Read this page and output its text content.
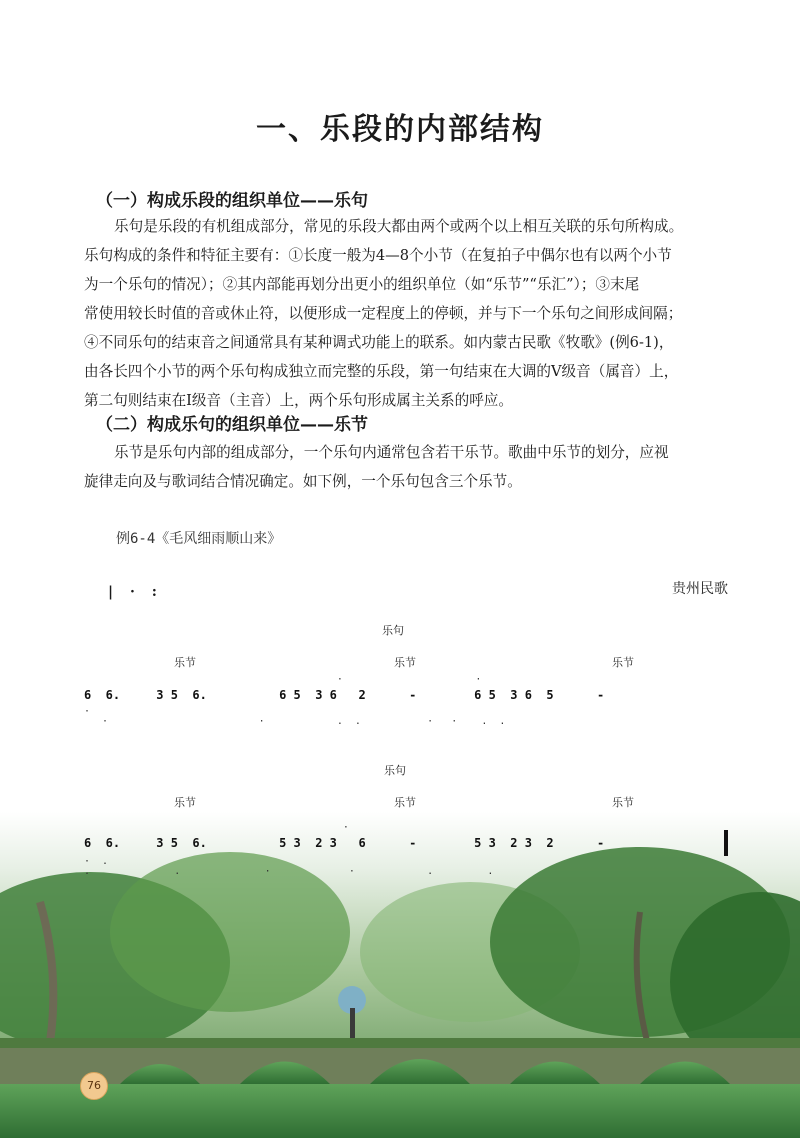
一、乐段的内部结构
（一）构成乐段的组织单位——乐句
乐句是乐段的有机组成部分，常见的乐段大都由两个或两个以上相互关联的乐句所构成。
乐句构成的条件和特征主要有：①长度一般为4—8个小节（在复拍子中偶尔也有以两个小节
为一个乐句的情况）；②其内部能再划分出更小的组织单位（如“乐节”“乐汇”）；③末尾
常使用较长时值的音或休止符，以便形成一定程度上的停顿，并与下一个乐句之间形成间隔；
④不同乐句的结束音之间通常具有某种调式功能上的联系。如内蒙古民歌《牧歌》(例6-1)，
由各长四个小节的两个乐句构成独立而完整的乐段，第一句结束在大调的Ⅴ级音（属音）上，
第二句则结束在Ⅰ级音（主音）上，两个乐句形成属主关系的呼应。
（二）构成乐句的组织单位——乐节
乐节是乐句内部的组成部分，一个乐句内通常包含若干乐节。歌曲中乐节的划分，应视
旋律走向及与歌词结合情况确定。如下例，一个乐句包含三个乐节。
例6-4《毛风细雨顺山来》
| · :	贵州民歌
乐句
乐节	乐节	乐节
6  6.     3 5  6.          6 5  3 6   2      -        6 5  3 6  5      -
·                      ·
·
·                         ·            .  .           ·   ·    .  .
乐句
乐节	乐节	乐节
6  6.     3 5  6.          5 3  2 3   6      -        5 3  2 3  2      -
·
·  .
.              .              ·             ·            .         .
76
